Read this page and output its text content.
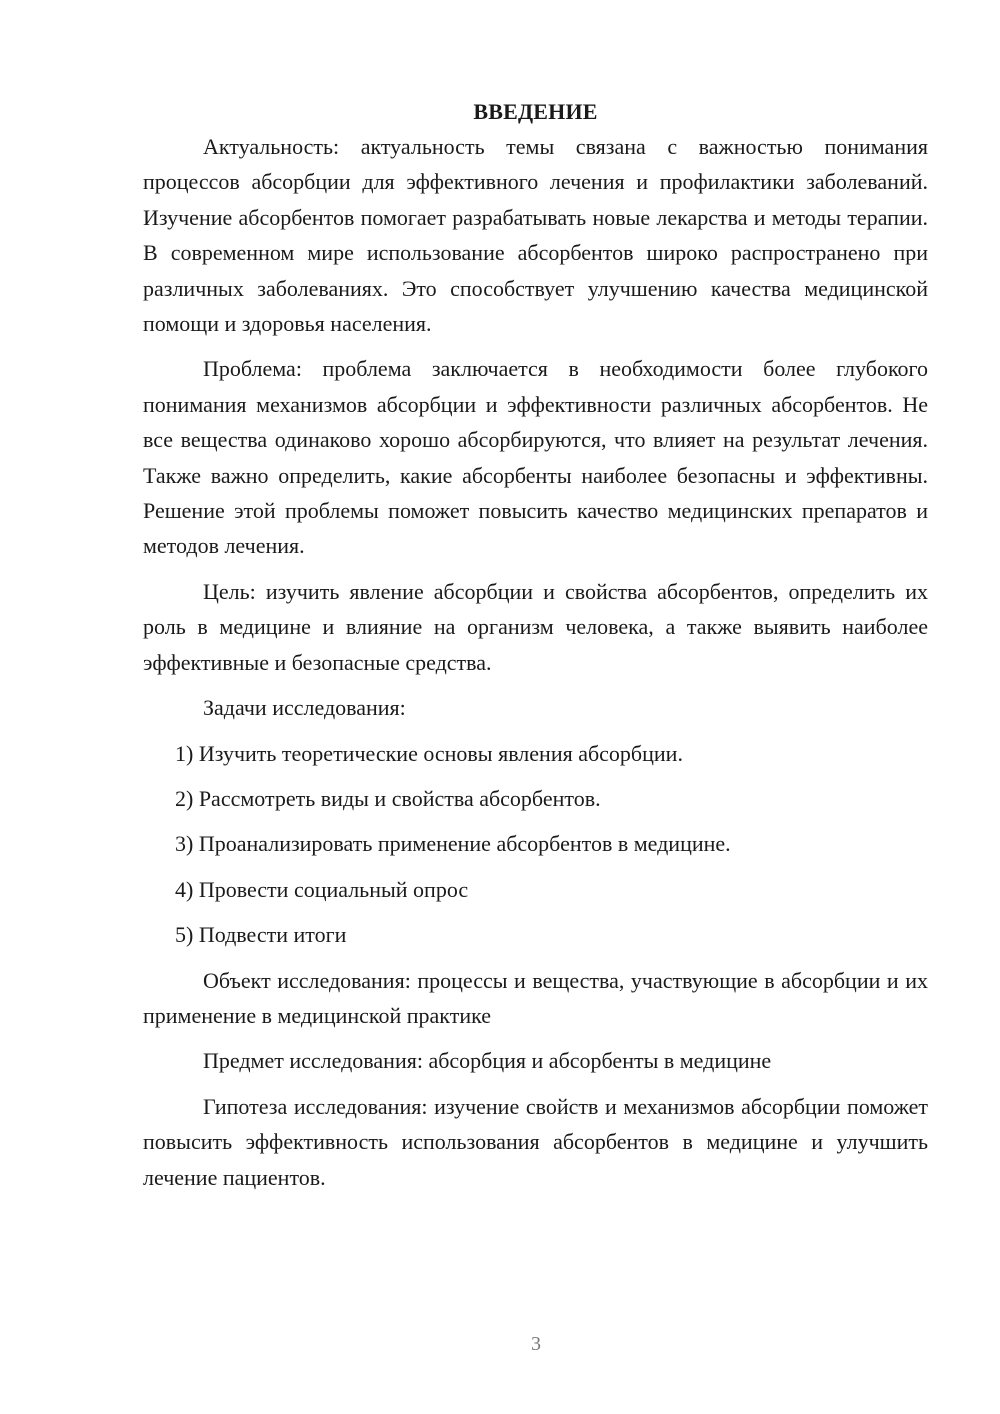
ВВЕДЕНИЕ

Актуальность: актуальность темы связана с важностью понимания процессов абсорбции для эффективного лечения и профилактики заболеваний. Изучение абсорбентов помогает разрабатывать новые лекарства и методы терапии. В современном мире использование абсорбентов широко распространено при различных заболеваниях. Это способствует улучшению качества медицинской помощи и здоровья населения.

Проблема: проблема заключается в необходимости более глубокого понимания механизмов абсорбции и эффективности различных абсорбентов. Не все вещества одинаково хорошо абсорбируются, что влияет на результат лечения. Также важно определить, какие абсорбенты наиболее безопасны и эффективны. Решение этой проблемы поможет повысить качество медицинских препаратов и методов лечения.

Цель: изучить явление абсорбции и свойства абсорбентов, определить их роль в медицине и влияние на организм человека, а также выявить наиболее эффективные и безопасные средства.

Задачи исследования:

1) Изучить теоретические основы явления абсорбции.

2) Рассмотреть виды и свойства абсорбентов.

3) Проанализировать применение абсорбентов в медицине.

4) Провести социальный опрос

5) Подвести итоги

Объект исследования: процессы и вещества, участвующие в абсорбции и их применение в медицинской практике

Предмет исследования: абсорбция и абсорбенты в медицине

Гипотеза исследования: изучение свойств и механизмов абсорбции поможет повысить эффективность использования абсорбентов в медицине и улучшить лечение пациентов.

3
